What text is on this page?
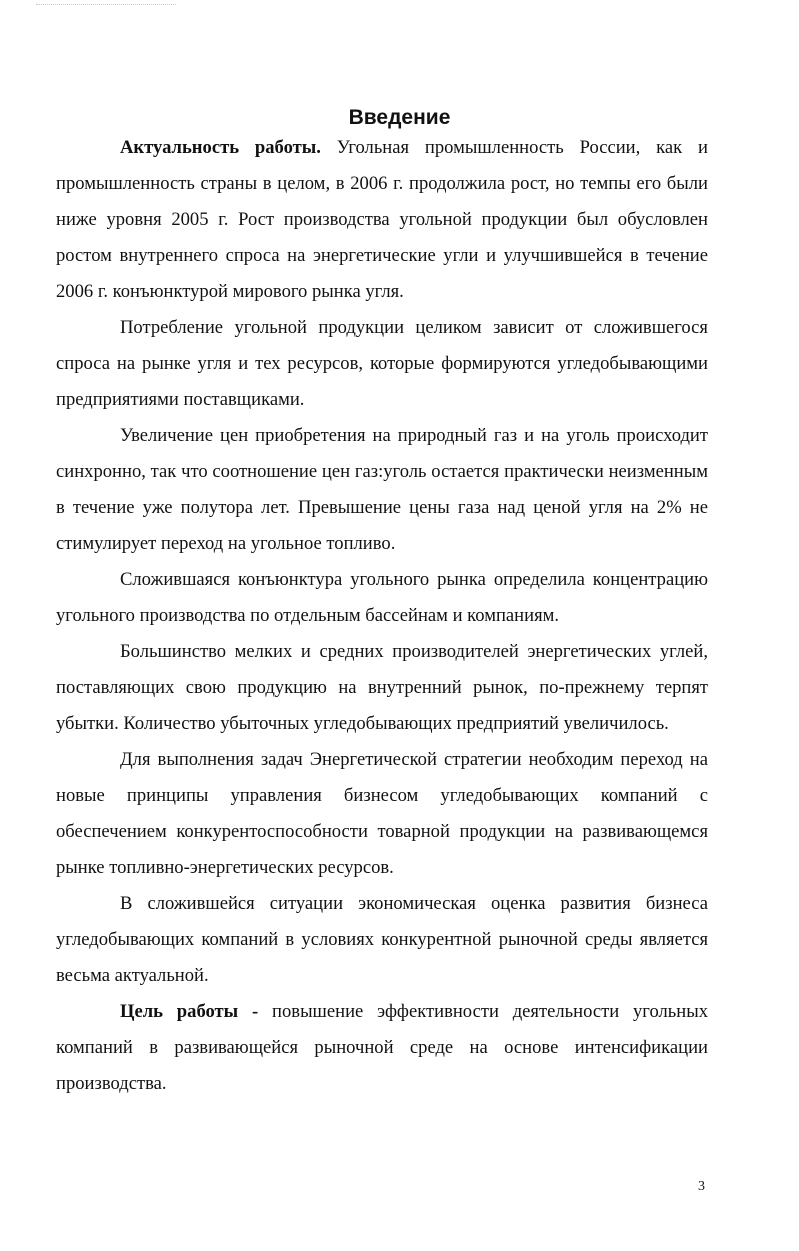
Введение

Актуальность работы. Угольная промышленность России, как и промышленность страны в целом, в 2006 г. продолжила рост, но темпы его были ниже уровня 2005 г. Рост производства угольной продукции был обусловлен ростом внутреннего спроса на энергетические угли и улучшившейся в течение 2006 г. конъюнктурой мирового рынка угля.

Потребление угольной продукции целиком зависит от сложившегося спроса на рынке угля и тех ресурсов, которые формируются угледобывающими предприятиями поставщиками.

Увеличение цен приобретения на природный газ и на уголь происходит синхронно, так что соотношение цен газ:уголь остается практически неизменным в течение уже полутора лет. Превышение цены газа над ценой угля на 2% не стимулирует переход на угольное топливо.

Сложившаяся конъюнктура угольного рынка определила концентрацию угольного производства по отдельным бассейнам и компаниям.

Большинство мелких и средних производителей энергетических углей, поставляющих свою продукцию на внутренний рынок, по-прежнему терпят убытки. Количество убыточных угледобывающих предприятий увеличилось.

Для выполнения задач Энергетической стратегии необходим переход на новые принципы управления бизнесом угледобывающих компаний с обеспечением конкурентоспособности товарной продукции на развивающемся рынке топливно-энергетических ресурсов.

В сложившейся ситуации экономическая оценка развития бизнеса угледобывающих компаний в условиях конкурентной рыночной среды является весьма актуальной.

Цель работы - повышение эффективности деятельности угольных компаний в развивающейся рыночной среде на основе интенсификации производства.

3
